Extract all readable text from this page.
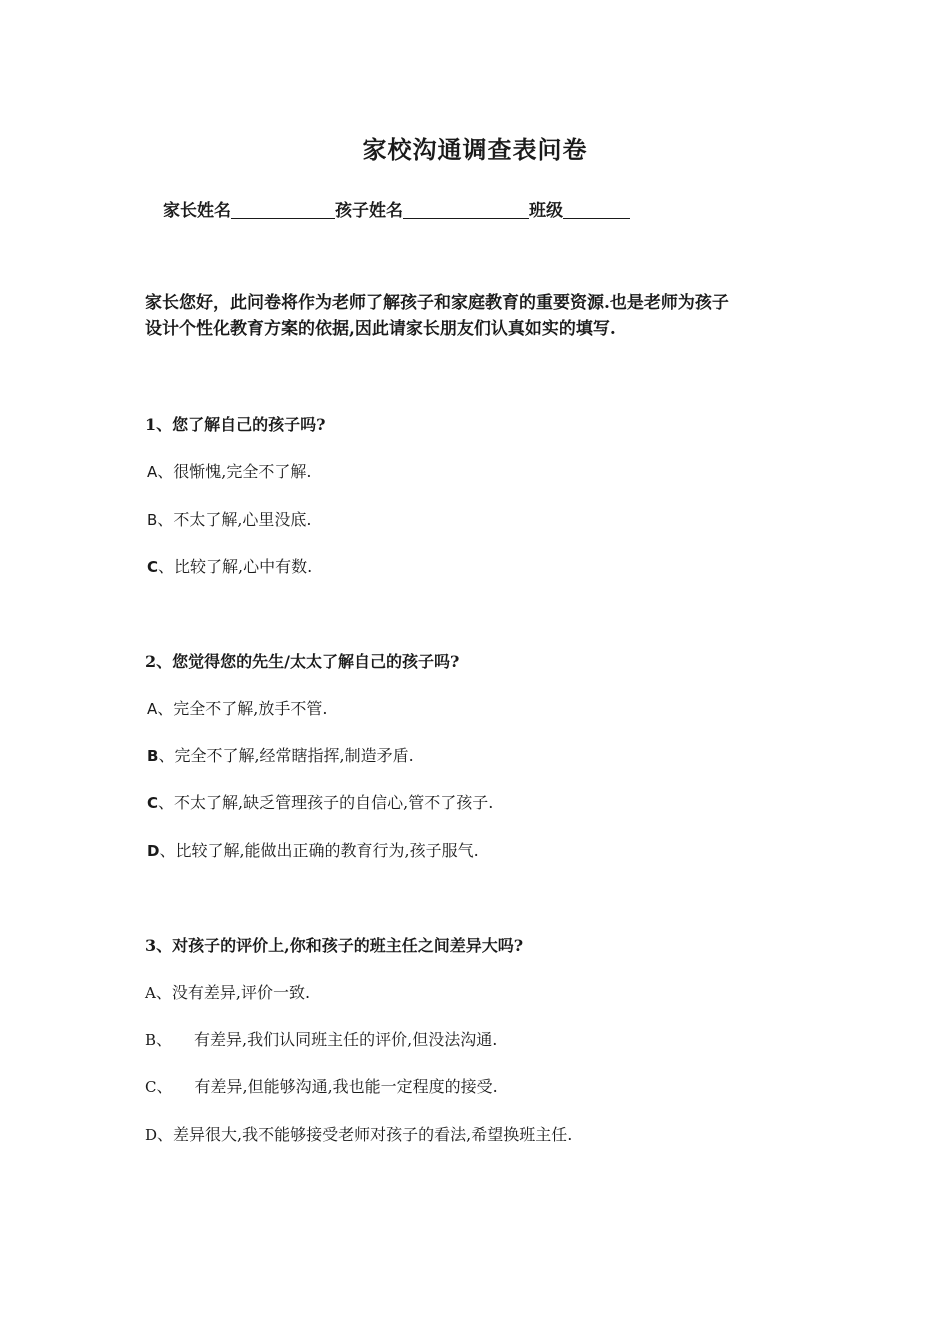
家校沟通调查表问卷
家长姓名	孩子姓名	班级

家长您好，此问卷将作为老师了解孩子和家庭教育的重要资源.也是老师为孩子

设计个性化教育方案的依据,因此请家长朋友们认真如实的填写.

1、您了解自己的孩子吗?
A、很惭愧,完全不了解.
B、不太了解,心里没底.
C、比较了解,心中有数.
2、您觉得您的先生/太太了解自己的孩子吗?
A、完全不了解,放手不管.
B、完全不了解,经常瞎指挥,制造矛盾.
C、不太了解,缺乏管理孩子的自信心,管不了孩子.
D、比较了解,能做出正确的教育行为,孩子服气.
3、对孩子的评价上,你和孩子的班主任之间差异大吗?
A、没有差异,评价一致.
B、 有差异,我们认同班主任的评价,但没法沟通.
C、 有差异,但能够沟通,我也能一定程度的接受.
D、差异很大,我不能够接受老师对孩子的看法,希望换班主任.
